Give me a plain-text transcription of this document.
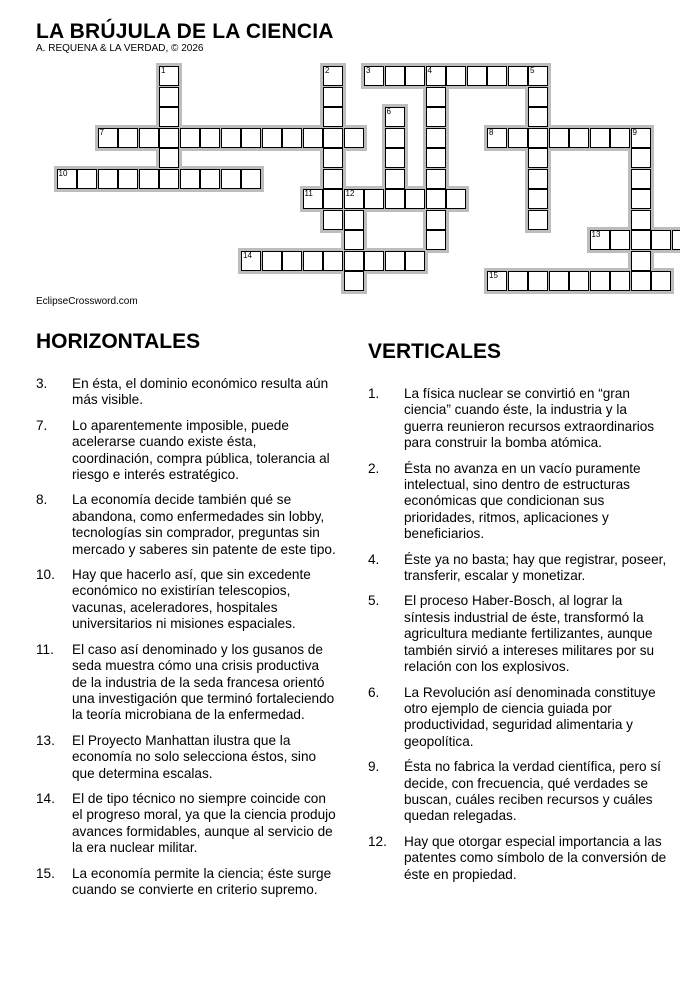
LA BRÚJULA DE LA CIENCIA
A. REQUENA & LA VERDAD, © 2026
3	4	5
7	8	9
10
11	12
13
14
15
1	2
6
EclipseCrossword.com
HORIZONTALES
3. En ésta, el dominio económico resulta aún más visible.
7. Lo aparentemente imposible, puede acelerarse cuando existe ésta, coordinación, compra pública, tolerancia al riesgo e interés estratégico.
8. La economía decide también qué se abandona, como enfermedades sin lobby, tecnologías sin comprador, preguntas sin mercado y saberes sin patente de este tipo.
10. Hay que hacerlo así, que sin excedente económico no existirían telescopios, vacunas, aceleradores, hospitales universitarios ni misiones espaciales.
11. El caso así denominado y los gusanos de seda muestra cómo una crisis productiva de la industria de la seda francesa orientó una investigación que terminó fortaleciendo la teoría microbiana de la enfermedad.
13. El Proyecto Manhattan ilustra que la economía no solo selecciona éstos, sino que determina escalas.
14. El de tipo técnico no siempre coincide con el progreso moral, ya que la ciencia produjo avances formidables, aunque al servicio de la era nuclear militar.
15. La economía permite la ciencia; éste surge cuando se convierte en criterio supremo.
VERTICALES
1. La física nuclear se convirtió en “gran ciencia” cuando éste, la industria y la guerra reunieron recursos extraordinarios para construir la bomba atómica.
2. Ésta no avanza en un vacío puramente intelectual, sino dentro de estructuras económicas que condicionan sus prioridades, ritmos, aplicaciones y beneficiarios.
4. Éste ya no basta; hay que registrar, poseer, transferir, escalar y monetizar.
5. El proceso Haber-Bosch, al lograr la síntesis industrial de éste, transformó la agricultura mediante fertilizantes, aunque también sirvió a intereses militares por su relación con los explosivos.
6. La Revolución así denominada constituye otro ejemplo de ciencia guiada por productividad, seguridad alimentaria y geopolítica.
9. Ésta no fabrica la verdad científica, pero sí decide, con frecuencia, qué verdades se buscan, cuáles reciben recursos y cuáles quedan relegadas.
12. Hay que otorgar especial importancia a las patentes como símbolo de la conversión de éste en propiedad.
